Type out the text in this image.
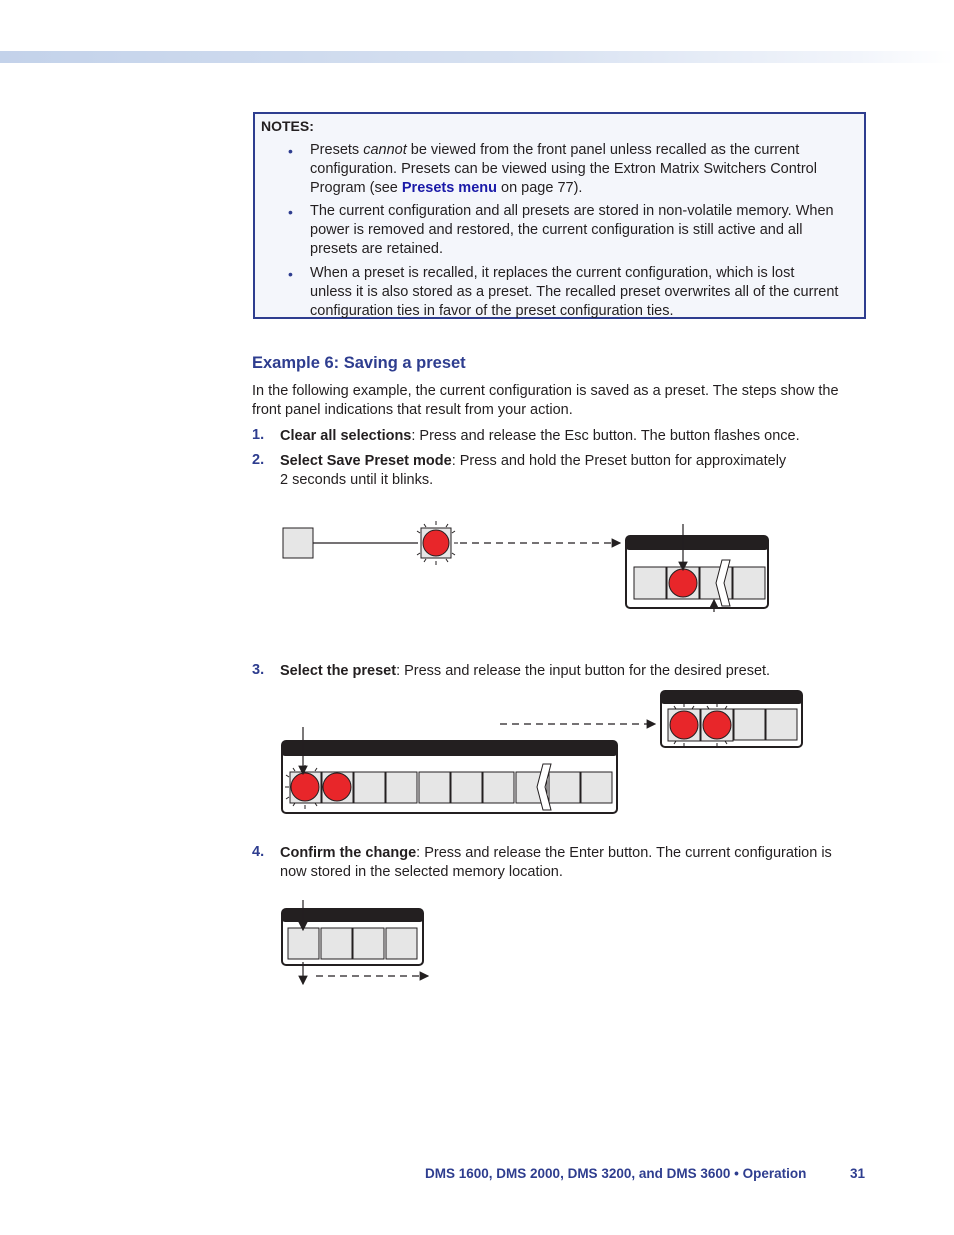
NOTES:
• Presets cannot be viewed from the front panel unless recalled as the current
configuration. Presets can be viewed using the Extron Matrix Switchers Control
Program (see Presets menu on page 77).
• The current configuration and all presets are stored in non-volatile memory. When
power is removed and restored, the current configuration is still active and all
presets are retained.
• When a preset is recalled, it replaces the current configuration, which is lost
unless it is also stored as a preset. The recalled preset overwrites all of the current
configuration ties in favor of the preset configuration ties.
Example 6: Saving a preset
In the following example, the current configuration is saved as a preset. The steps show the
front panel indications that result from your action.
1. Clear all selections: Press and release the Esc button. The button flashes once.
2. Select Save Preset mode: Press and hold the Preset button for approximately
2 seconds until it blinks.
3. Select the preset: Press and release the input button for the desired preset.
4. Confirm the change: Press and release the Enter button. The current configuration is
now stored in the selected memory location.
DMS 1600, DMS 2000, DMS 3200, and DMS 3600 • Operation	31
